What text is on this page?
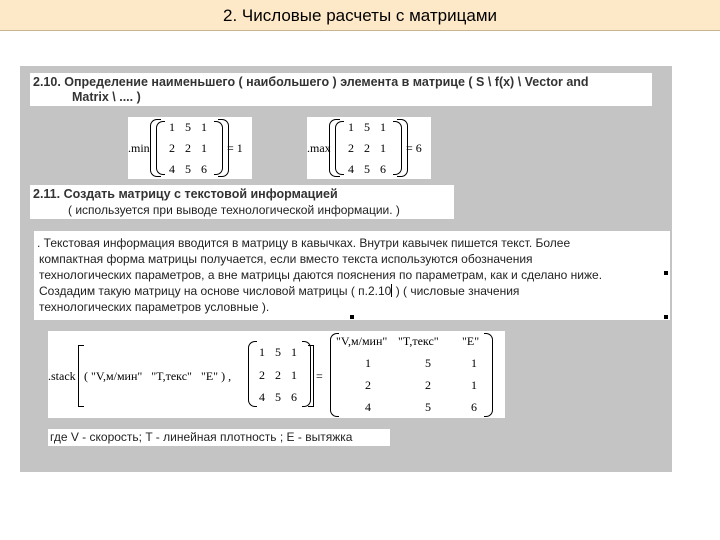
2. Числовые расчеты с матрицами
2.10. Определение наименьшего ( наибольшего ) элемента в матрице ( S \ f(x) \ Vector and
Matrix \ .... )
.min
1 5 1
2 2 1
4 5 6
= 1	.max
1 5 1
2 2 1
4 5 6
= 6
2.11. Создать матрицу с текстовой информацией
( используется при выводе технологической информации. )
. Текстовая информация вводится в матрицу в кавычках. Внутри кавычек пишется текст. Более
компактная форма матрицы получается, если вместо текста используются обозначения
технологических параметров, а вне матрицы даются пояснения по параметрам, как и сделано ниже.
Создадим такую матрицу на основе числовой матрицы ( п.2.10 ) ( числовые значения
технологических параметров условные ).
.stack ( "V,м/мин"   "T,текс"   "E" ) ,
1 5 1
2 2 1
4 5 6
=
"V,м/мин" "T,текс" "E"
1	5	1
2	2	1
4	5	6
где V - скорость; T - линейная плотность ; E - вытяжка
